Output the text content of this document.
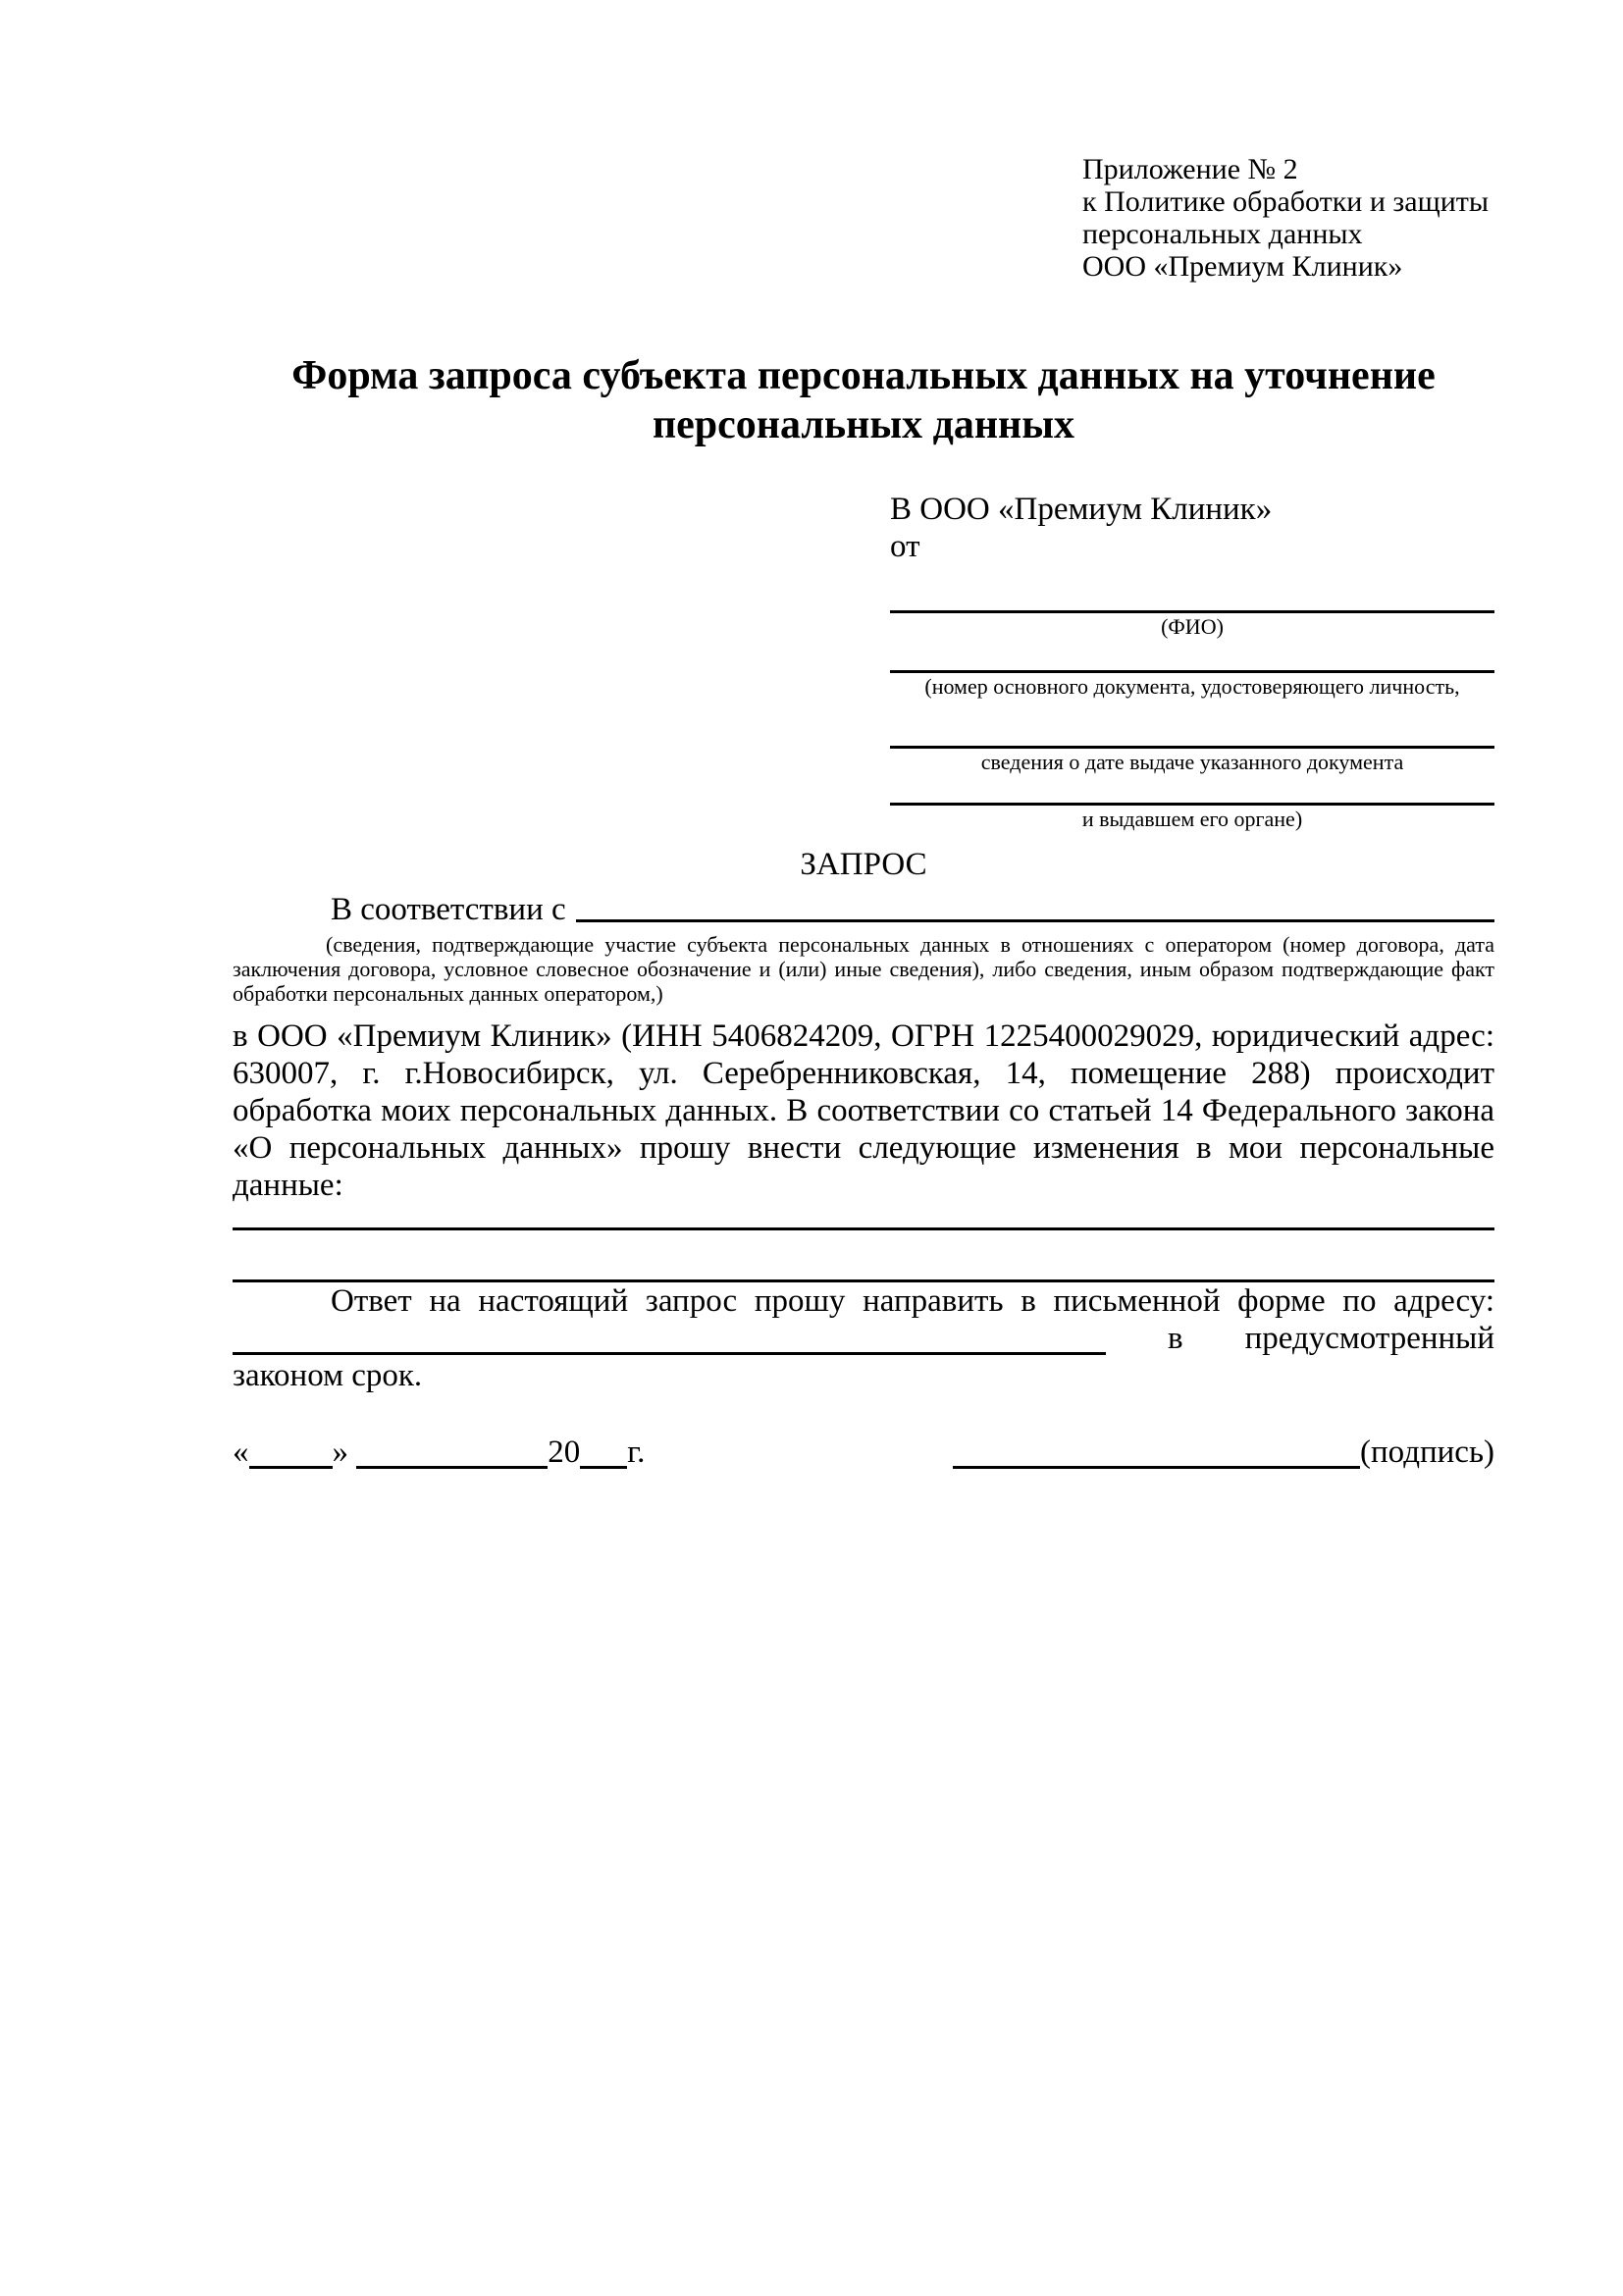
Приложение № 2
к Политике обработки и защиты
персональных данных
ООО «Премиум Клиник»
Форма запроса субъекта персональных данных на уточнение персональных данных
В ООО «Премиум Клиник»
от
(ФИО)
(номер основного документа, удостоверяющего личность,
сведения о дате выдаче указанного документа
и выдавшем его органе)
ЗАПРОС
В соответствии с

(сведения, подтверждающие участие субъекта персональных данных в отношениях с оператором (номер договора, дата заключения договора, условное словесное обозначение и (или) иные сведения), либо сведения, иным образом подтверждающие факт обработки персональных данных оператором,)

в ООО «Премиум Клиник» (ИНН 5406824209, ОГРН 1225400029029, юридический адрес: 630007, г. г.Новосибирск, ул. Серебренниковская, 14, помещение 288) происходит обработка моих персональных данных. В соответствии со статьей 14 Федерального закона «О персональных данных» прошу внести следующие изменения в мои персональные данные:

Ответ на настоящий запрос прошу направить в письменной форме по адресу:  в предусмотренный законом срок.

«	»	20 г.	(подпись)
